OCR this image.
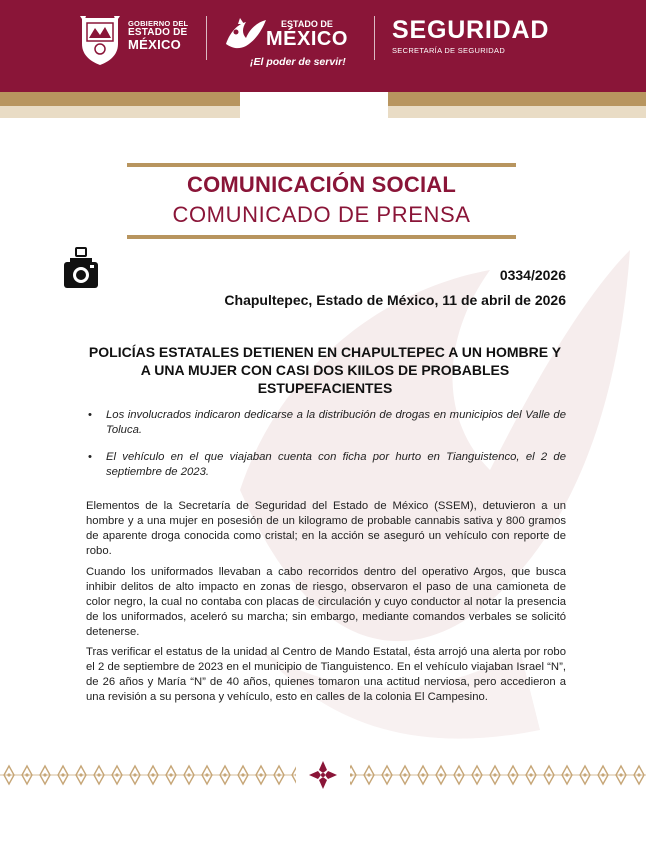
GOBIERNO DEL
ESTADO DE
MÉXICO
ESTADO DE
MÉXICO
¡El poder de servir!
SEGURIDAD
SECRETARÍA DE SEGURIDAD
COMUNICACIÓN SOCIAL
COMUNICADO DE PRENSA
0334/2026
Chapultepec, Estado de México, 11 de abril de 2026
POLICÍAS ESTATALES DETIENEN EN CHAPULTEPEC A UN HOMBRE Y A UNA MUJER CON CASI DOS KIILOS DE PROBABLES ESTUPEFACIENTES
• Los involucrados indicaron dedicarse a la distribución de drogas en municipios del Valle de Toluca.
• El vehículo en el que viajaban cuenta con ficha por hurto en Tianguistenco, el 2 de septiembre de 2023.

Elementos de la Secretaría de Seguridad del Estado de México (SSEM), detuvieron a un hombre y a una mujer en posesión de un kilogramo de probable cannabis sativa y 800 gramos de aparente droga conocida como cristal; en la acción se aseguró un vehículo con reporte de robo.

Cuando los uniformados llevaban a cabo recorridos dentro del operativo Argos, que busca inhibir delitos de alto impacto en zonas de riesgo, observaron el paso de una camioneta de color negro, la cual no contaba con placas de circulación y cuyo conductor al notar la presencia de los uniformados, aceleró su marcha; sin embargo, mediante comandos verbales se solicitó detenerse.

Tras verificar el estatus de la unidad al Centro de Mando Estatal, ésta arrojó una alerta por robo el 2 de septiembre de 2023 en el municipio de Tianguistenco. En el vehículo viajaban Israel “N”, de 26 años y María “N” de 40 años, quienes tomaron una actitud nerviosa, pero accedieron a una revisión a su persona y vehículo, esto en calles de la colonia El Campesino.
